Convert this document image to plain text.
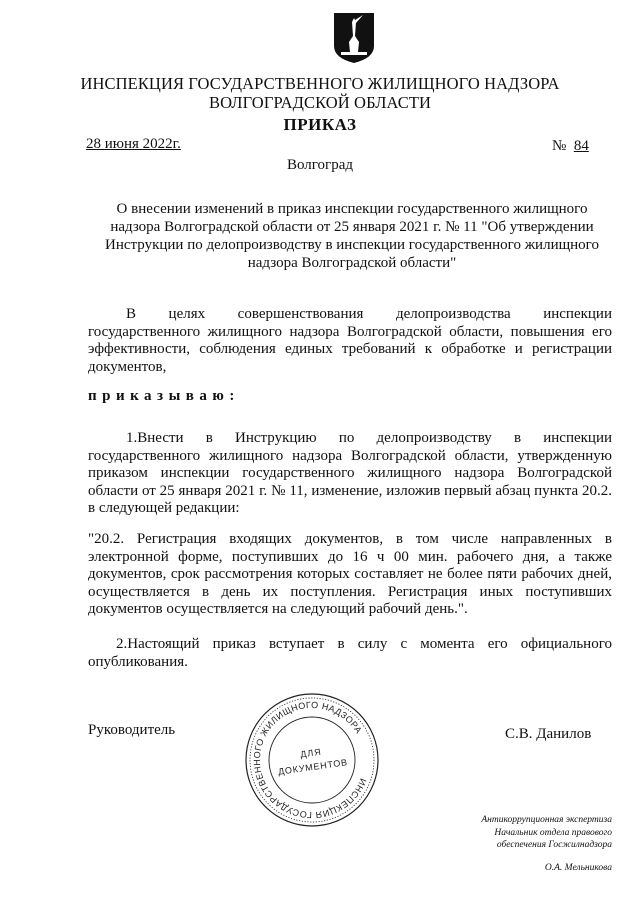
ИНСПЕКЦИЯ ГОСУДАРСТВЕННОГО ЖИЛИЩНОГО НАДЗОРА
ВОЛГОГРАДСКОЙ ОБЛАСТИ
ПРИКАЗ
28 июня 2022г.	№ 84
Волгоград
О внесении изменений в приказ инспекции государственного жилищного надзора Волгоградской области от 25 января 2021 г. № 11 "Об утверждении Инструкции по делопроизводству в инспекции государственного жилищного надзора Волгоградской области"
В целях совершенствования делопроизводства инспекции государственного жилищного надзора Волгоградской области, повышения его эффективности, соблюдения единых требований к обработке и регистрации документов,
приказываю:
1.Внести в Инструкцию по делопроизводству в инспекции государственного жилищного надзора Волгоградской области, утвержденную приказом инспекции государственного жилищного надзора Волгоградской области от 25 января 2021 г. № 11, изменение, изложив первый абзац пункта 20.2. в следующей редакции:
"20.2. Регистрация входящих документов, в том числе направленных в электронной форме, поступивших до 16 ч 00 мин. рабочего дня, а также документов, срок рассмотрения которых составляет не более пяти рабочих дней, осуществляется в день их поступления. Регистрация иных поступивших документов осуществляется на следующий рабочий день.".
2.Настоящий приказ вступает в силу с момента его официального опубликования.
Руководитель	С.В. Данилов
ИНСПЕКЦИЯ ГОСУДАРСТВЕННОГО ЖИЛИЩНОГО НАДЗОРА
ДЛЯ
ДОКУМЕНТОВ
Антикоррупционная экспертиза
Начальник отдела правового
обеспечения Госжилнадзора
О.А. Мельникова
